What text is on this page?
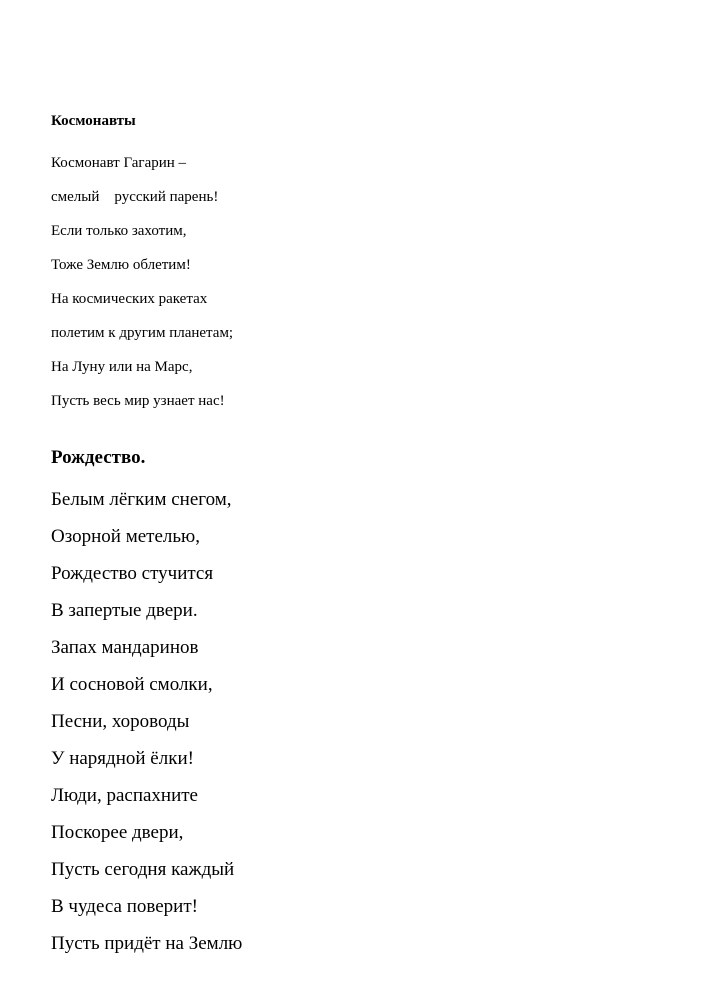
Космонавты
Космонавт Гагарин –
смелый    русский парень!
Если только захотим,
Тоже Землю облетим!
На космических ракетах
полетим к другим планетам;
На Луну или на Марс,
Пусть весь мир узнает нас!
Рождество.
Белым лёгким снегом,
Озорной метелью,
Рождество стучится
В запертые двери.
Запах мандаринов
И сосновой смолки,
Песни, хороводы
У нарядной ёлки!
Люди, распахните
Поскорее двери,
Пусть сегодня каждый
В чудеса поверит!
Пусть придёт на Землю
